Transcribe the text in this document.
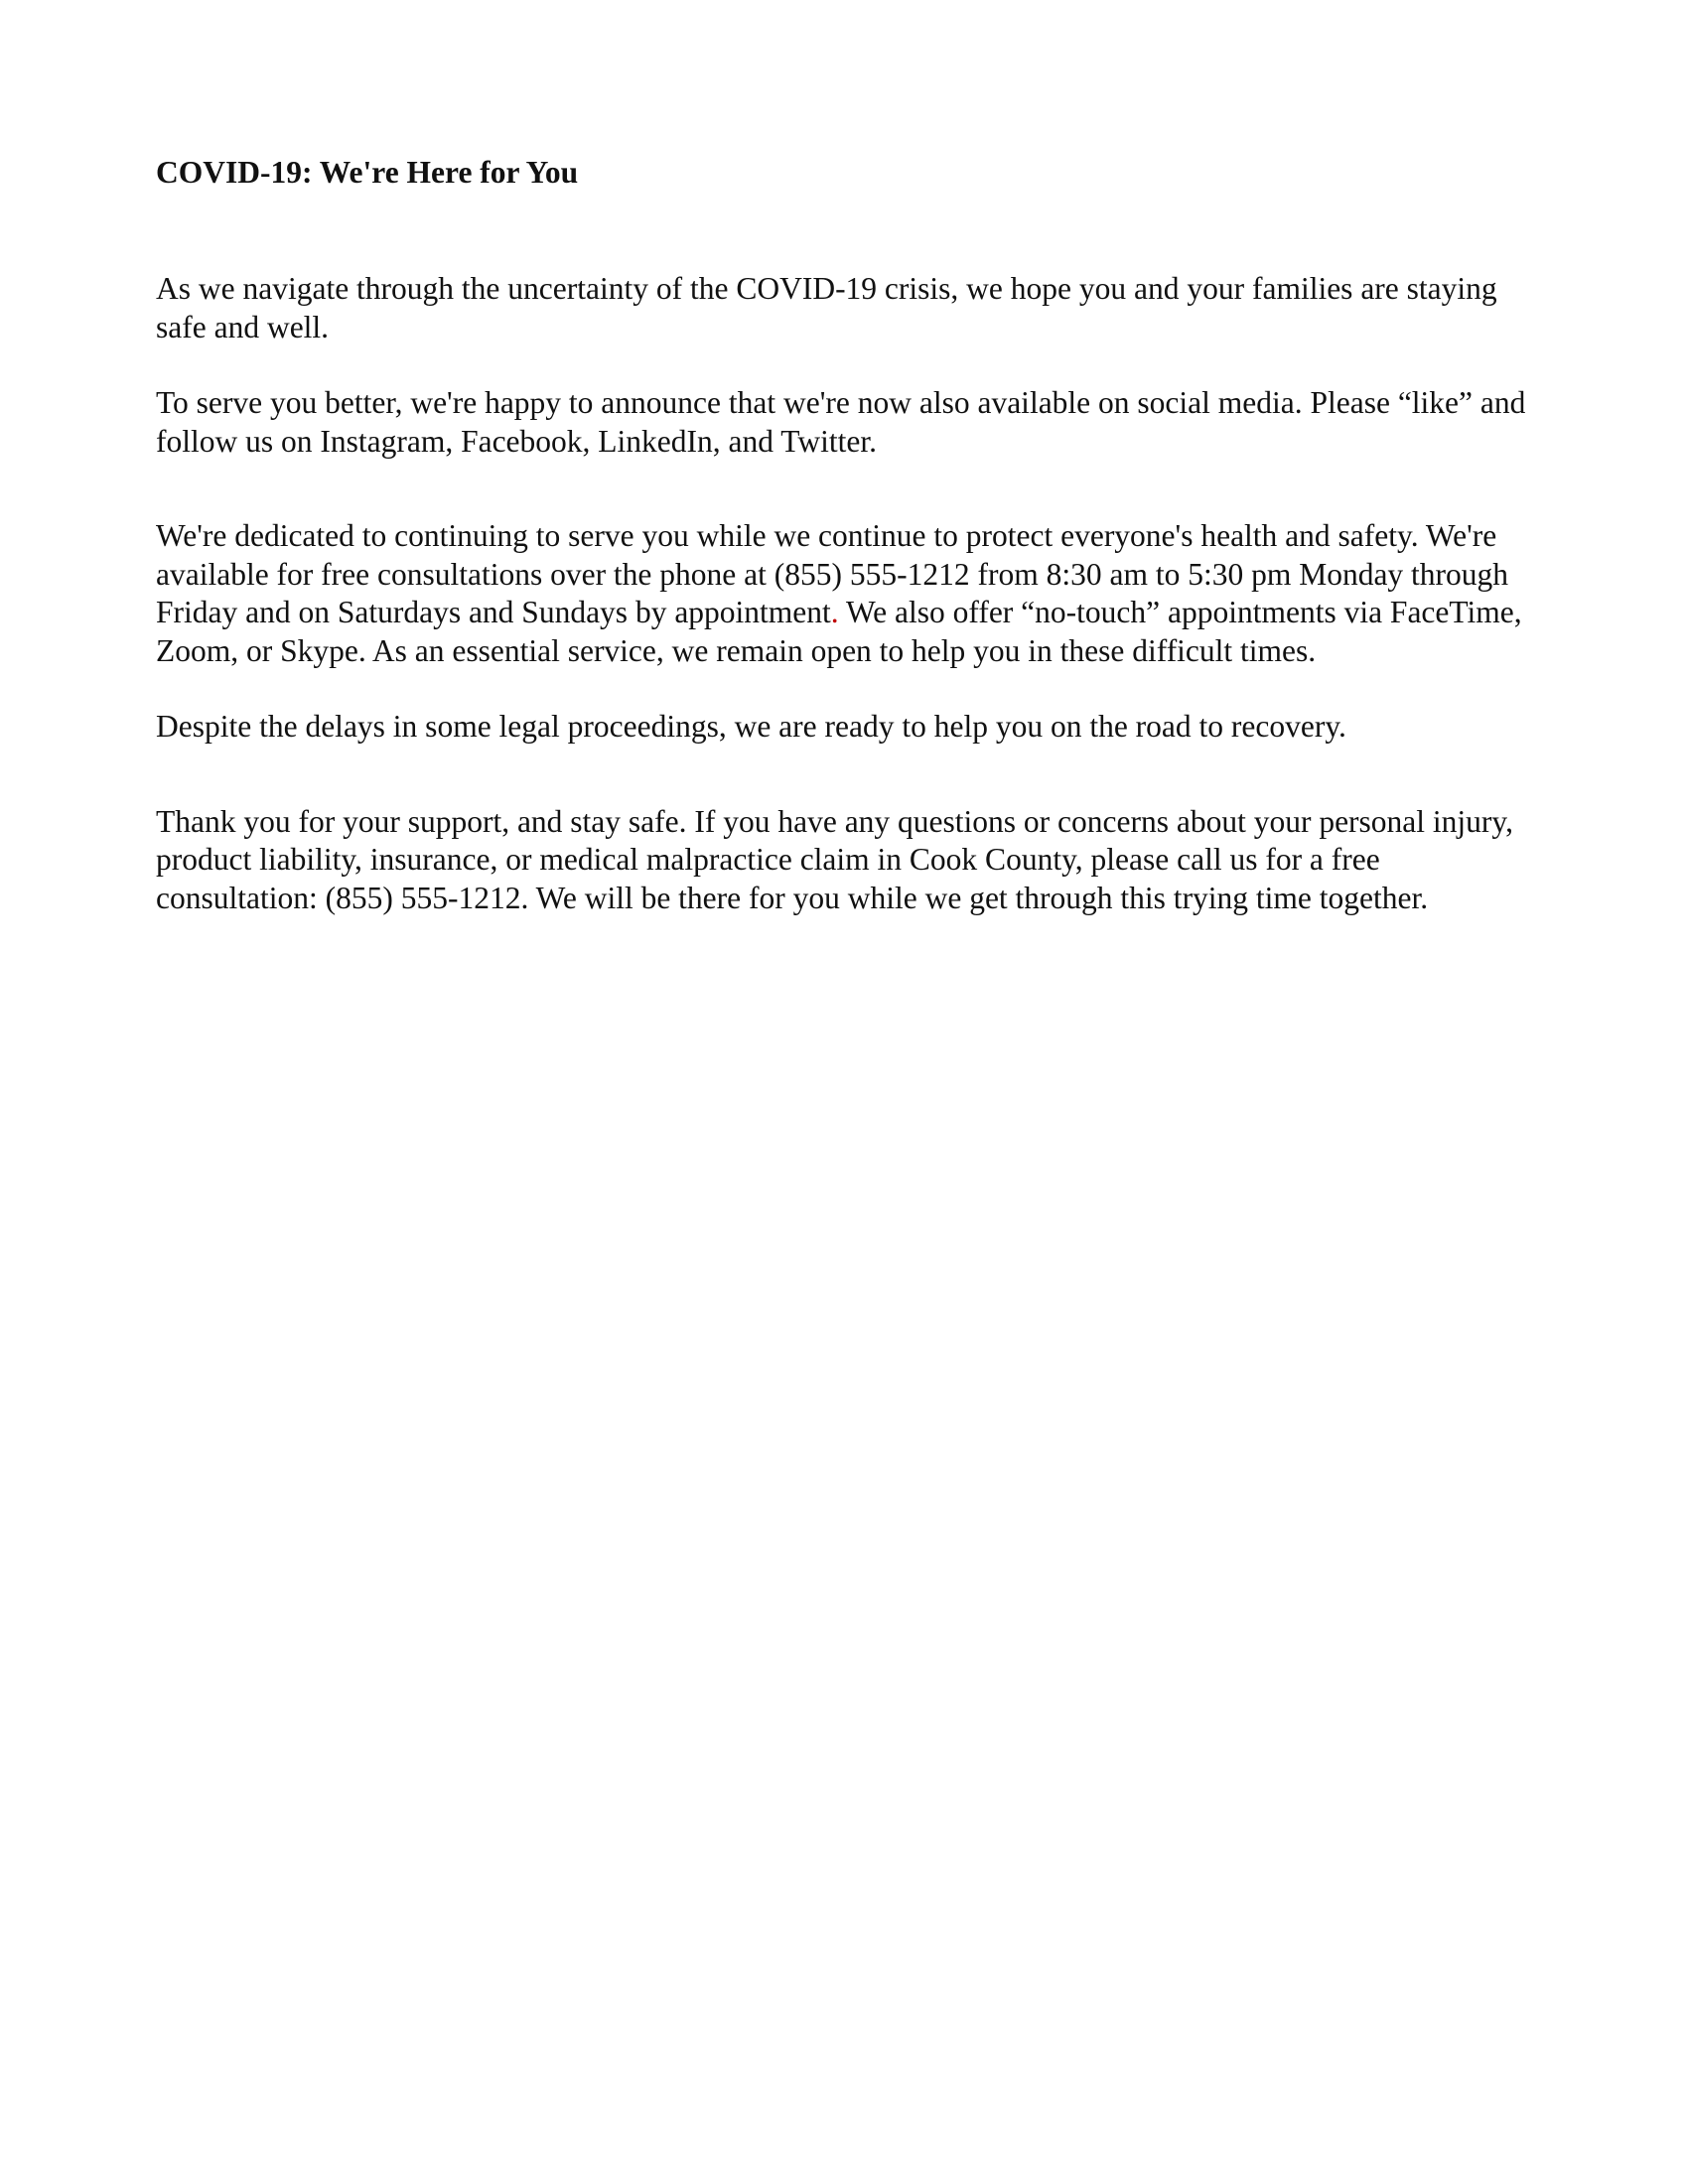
COVID-19: We're Here for You

As we navigate through the uncertainty of the COVID-19 crisis, we hope you and your families are staying safe and well.

To serve you better, we're happy to announce that we're now also available on social media. Please “like” and follow us on Instagram, Facebook, LinkedIn, and Twitter.

We're dedicated to continuing to serve you while we continue to protect everyone's health and safety. We're available for free consultations over the phone at (855) 555-1212 from 8:30 am to 5:30 pm Monday through Friday and on Saturdays and Sundays by appointment. We also offer “no-touch” appointments via FaceTime, Zoom, or Skype. As an essential service, we remain open to help you in these difficult times.

Despite the delays in some legal proceedings, we are ready to help you on the road to recovery.

Thank you for your support, and stay safe. If you have any questions or concerns about your personal injury, product liability, insurance, or medical malpractice claim in Cook County, please call us for a free consultation: (855) 555-1212. We will be there for you while we get through this trying time together.
